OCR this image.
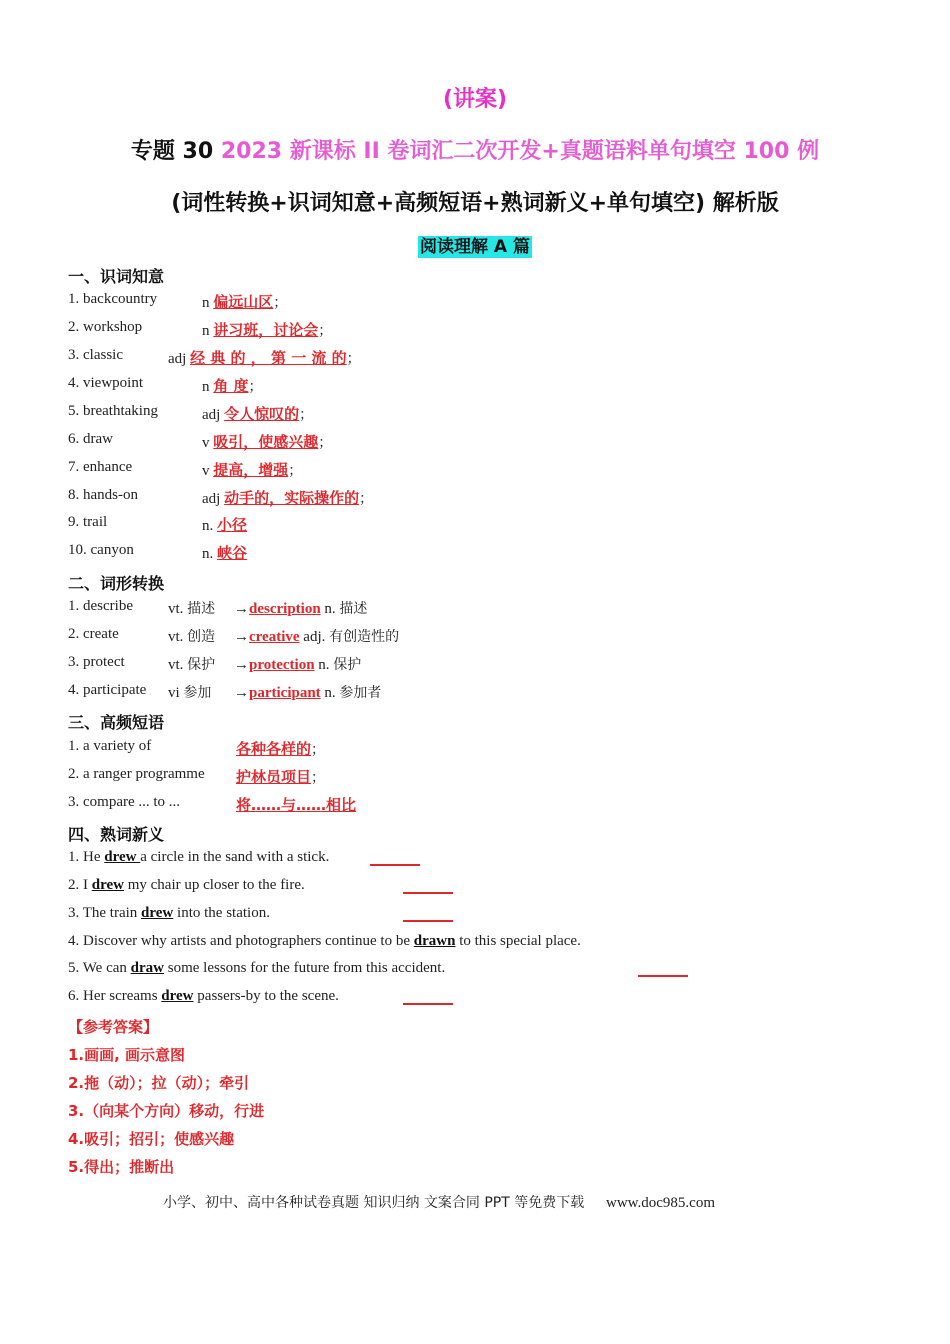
(讲案)
专题 30 2023 新课标 II 卷词汇二次开发+真题语料单句填空 100 例
(词性转换+识词知意+高频短语+熟词新义+单句填空) 解析版
阅读理解 A 篇
一、识词知意
1. backcountry	n 偏远山区；
2. workshop	n 讲习班，讨论会；
3. classic	adj 经 典 的 ， 第 一 流 的；
4. viewpoint	n 角 度；
5. breathtaking	adj 令人惊叹的；
6. draw	v 吸引，使感兴趣；
7. enhance	v 提高，增强；
8. hands-on	adj 动手的，实际操作的；
9. trail	n. 小径
10. canyon	n. 峡谷
二、词形转换
1. describe vt. 描述 →description n. 描述
2. create	vt. 创造 →creative adj. 有创造性的
3. protect	vt. 保护 →protection n. 保护
4. participate vi 参加 →participant n. 参加者
三、高频短语
1. a variety of	各种各样的；
2. a ranger programme 护林员项目；
3. compare ... to ...	将……与……相比
四、熟词新义
1. He drew a circle in the sand with a stick.
2. I drew my chair up closer to the fire.
3. The train drew into the station.
4. Discover why artists and photographers continue to be drawn to this special place.
5. We can draw some lessons for the future from this accident.
6. Her screams drew passers-by to the scene.
【参考答案】
1.画画, 画示意图
2.拖（动）；拉（动）；牵引
3.（向某个方向）移动，行进
4.吸引；招引；使感兴趣
5.得出；推断出
小学、初中、高中各种试卷真题 知识归纳 文案合同 PPT 等免费下载 www.doc985.com
